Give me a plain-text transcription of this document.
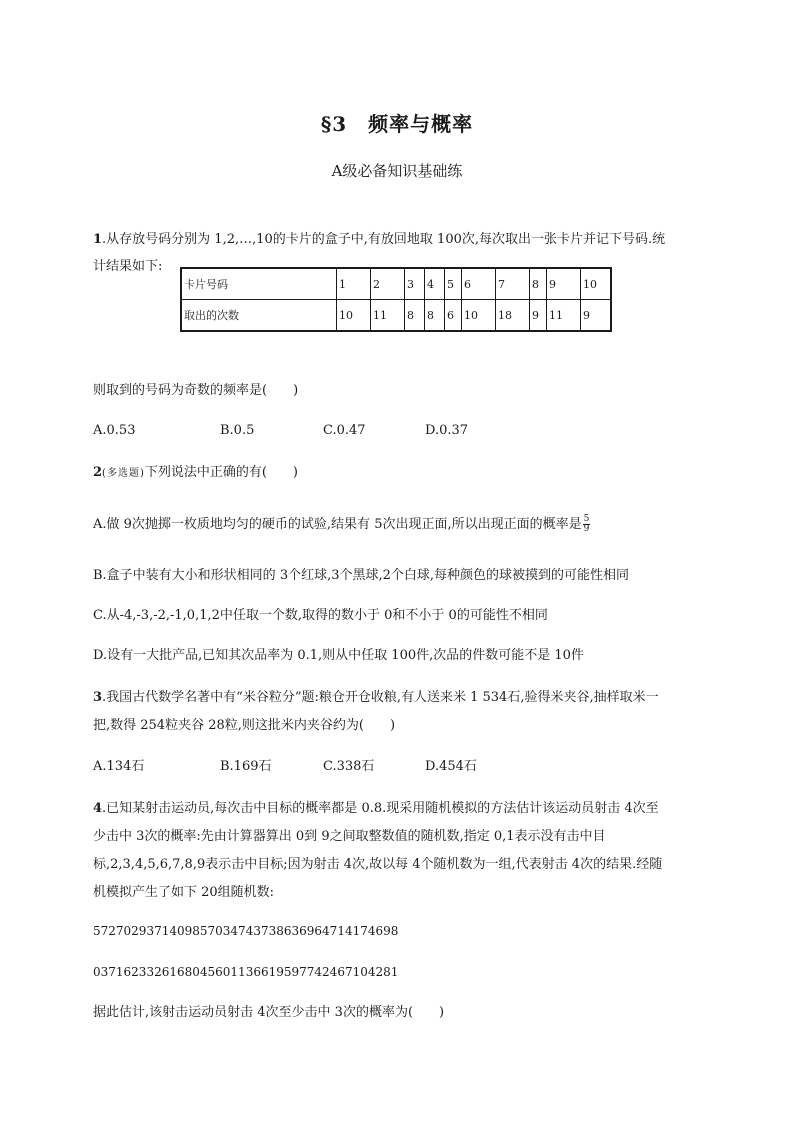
§3　频率与概率
A级必备知识基础练
1.从存放号码分别为 1,2,…,10的卡片的盒子中,有放回地取 100次,每次取出一张卡片并记下号码.统
计结果如下:
卡片号码	1	2	3	4	5	6	7	8	9	10
取出的次数	10	11	8	8	6	10	18	9	11	9
则取到的号码为奇数的频率是(　　)
A.0.53	B.0.5	C.0.47	D.0.37
2(多选题)下列说法中正确的有(　　)
A.做 9次抛掷一枚质地均匀的硬币的试验,结果有 5次出现正面,所以出现正面的概率是 $\frac{5}{9}$
B.盒子中装有大小和形状相同的 3个红球,3个黑球,2个白球,每种颜色的球被摸到的可能性相同
C.从-4,-3,-2,-1,0,1,2中任取一个数,取得的数小于 0和不小于 0的可能性不相同
D.设有一大批产品,已知其次品率为 0.1,则从中任取 100件,次品的件数可能不是 10件
3.我国古代数学名著中有“米谷粒分”题:粮仓开仓收粮,有人送来米 1 534石,验得米夹谷,抽样取米一
把,数得 254粒夹谷 28粒,则这批米内夹谷约为(　　)
A.134石	B.169石	C.338石	D.454石
4.已知某射击运动员,每次击中目标的概率都是 0.8.现采用随机模拟的方法估计该运动员射击 4次至
少击中 3次的概率:先由计算器算出 0到 9之间取整数值的随机数,指定 0,1表示没有击中目
标,2,3,4,5,6,7,8,9表示击中目标;因为射击 4次,故以每 4个随机数为一组,代表射击 4次的结果.经随
机模拟产生了如下 20组随机数:
5727029371409857034743738636964714174698
0371623326168045601136619597742467104281
据此估计,该射击运动员射击 4次至少击中 3次的概率为(　　)
